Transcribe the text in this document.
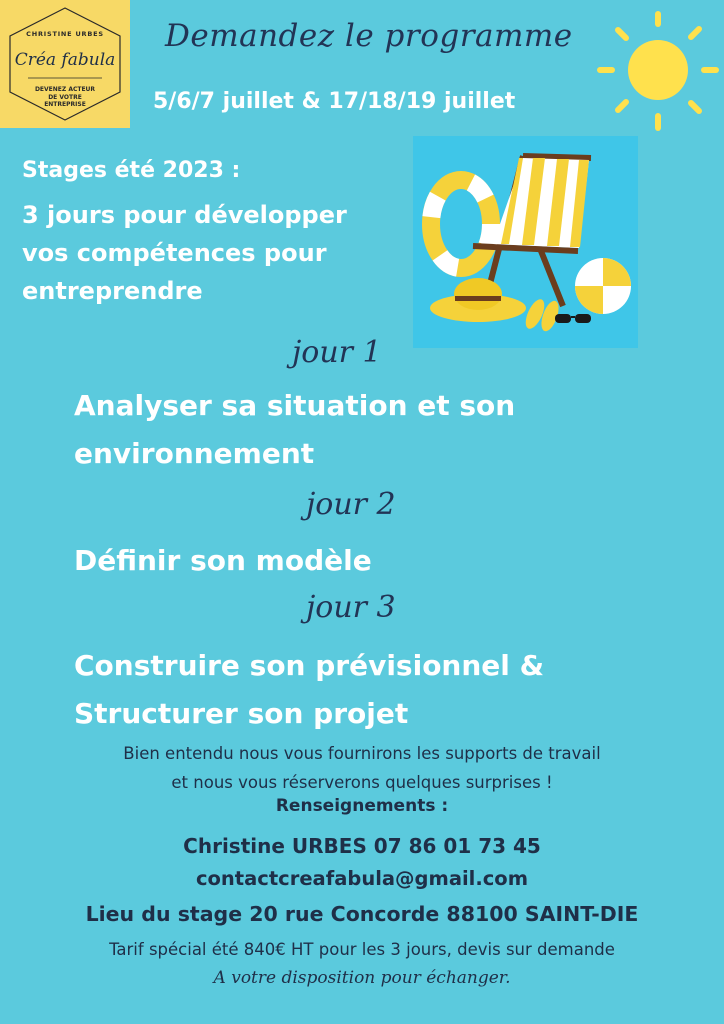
CHRISTINE URBES
Créa fabula
DEVENEZ ACTEUR
DE VOTRE
ENTREPRISE
Demandez le programme
5/6/7 juillet & 17/18/19 juillet
Stages été 2023 :
3 jours pour développer
vos compétences pour
entreprendre
jour 1
Analyser sa situation et son
environnement
jour 2
Définir son modèle
jour 3
Construire son prévisionnel &
Structurer son projet
Bien entendu nous vous fournirons les supports de travail
et nous vous réserverons quelques surprises !
Renseignements :
Christine URBES 07 86 01 73 45
contactcreafabula@gmail.com
Lieu du stage 20 rue Concorde 88100 SAINT-DIE
Tarif spécial été 840€ HT pour les 3 jours, devis sur demande
A votre disposition pour échanger.
